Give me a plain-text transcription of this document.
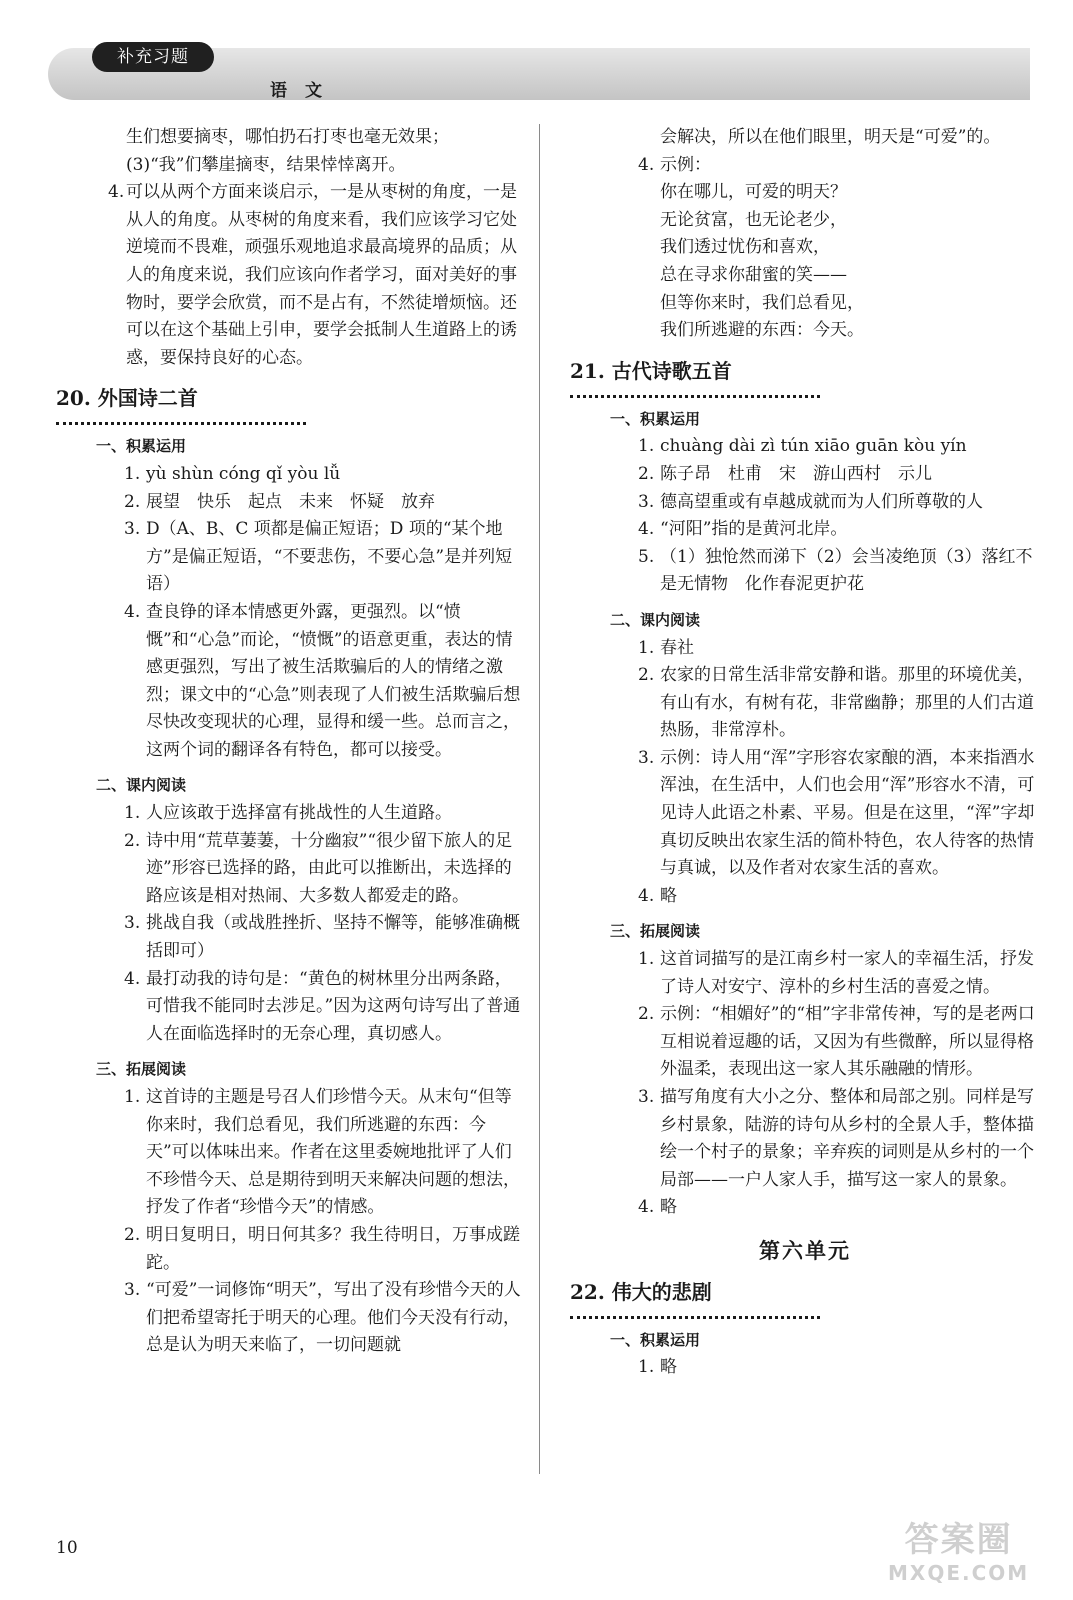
补充习题
语文
生们想要摘枣，哪怕扔石打枣也毫无效果；
(3)“我”们攀崖摘枣，结果悻悻离开。
4. 可以从两个方面来谈启示，一是从枣树的角度，一是从人的角度。从枣树的角度来看，我们应该学习它处逆境而不畏难，顽强乐观地追求最高境界的品质；从人的角度来说，我们应该向作者学习，面对美好的事物时，要学会欣赏，而不是占有，不然徒增烦恼。还可以在这个基础上引申，要学会抵制人生道路上的诱惑，要保持良好的心态。
20. 外国诗二首
一、积累运用
1. yù shùn cóng qǐ yòu lǚ
2. 展望　快乐　起点　未来　怀疑　放弃
3. D（A、B、C 项都是偏正短语；D 项的“某个地方”是偏正短语，“不要悲伤，不要心急”是并列短语）
4. 查良铮的译本情感更外露，更强烈。以“愤慨”和“心急”而论，“愤慨”的语意更重，表达的情感更强烈，写出了被生活欺骗后的人的情绪之激烈；课文中的“心急”则表现了人们被生活欺骗后想尽快改变现状的心理，显得和缓一些。总而言之，这两个词的翻译各有特色，都可以接受。
二、课内阅读
1. 人应该敢于选择富有挑战性的人生道路。
2. 诗中用“荒草萋萋，十分幽寂”“很少留下旅人的足迹”形容已选择的路，由此可以推断出，未选择的路应该是相对热闹、大多数人都爱走的路。
3. 挑战自我（或战胜挫折、坚持不懈等，能够准确概括即可）
4. 最打动我的诗句是：“黄色的树林里分出两条路，可惜我不能同时去涉足。”因为这两句诗写出了普通人在面临选择时的无奈心理，真切感人。
三、拓展阅读
1. 这首诗的主题是号召人们珍惜今天。从末句“但等你来时，我们总看见，我们所逃避的东西：今天”可以体味出来。作者在这里委婉地批评了人们不珍惜今天、总是期待到明天来解决问题的想法，抒发了作者“珍惜今天”的情感。
2. 明日复明日，明日何其多？我生待明日，万事成蹉跎。
3. “可爱”一词修饰“明天”，写出了没有珍惜今天的人们把希望寄托于明天的心理。他们今天没有行动，总是认为明天来临了，一切问题就
会解决，所以在他们眼里，明天是“可爱”的。
4. 示例：
你在哪儿，可爱的明天？
无论贫富，也无论老少，
我们透过忧伤和喜欢，
总在寻求你甜蜜的笑——
但等你来时，我们总看见，
我们所逃避的东西：今天。
21. 古代诗歌五首
一、积累运用
1. chuàng dài zì tún xiāo guān kòu yín
2. 陈子昂　杜甫　宋　游山西村　示儿
3. 德高望重或有卓越成就而为人们所尊敬的人
4. “河阳”指的是黄河北岸。
5. （1）独怆然而涕下（2）会当凌绝顶（3）落红不是无情物　化作春泥更护花
二、课内阅读
1. 春社
2. 农家的日常生活非常安静和谐。那里的环境优美，有山有水，有树有花，非常幽静；那里的人们古道热肠，非常淳朴。
3. 示例：诗人用“浑”字形容农家酿的酒，本来指酒水浑浊，在生活中，人们也会用“浑”形容水不清，可见诗人此语之朴素、平易。但是在这里，“浑”字却真切反映出农家生活的简朴特色，农人待客的热情与真诚，以及作者对农家生活的喜欢。
4. 略
三、拓展阅读
1. 这首词描写的是江南乡村一家人的幸福生活，抒发了诗人对安宁、淳朴的乡村生活的喜爱之情。
2. 示例：“相媚好”的“相”字非常传神，写的是老两口互相说着逗趣的话，又因为有些微醉，所以显得格外温柔，表现出这一家人其乐融融的情形。
3. 描写角度有大小之分、整体和局部之别。同样是写乡村景象，陆游的诗句从乡村的全景人手，整体描绘一个村子的景象；辛弃疾的词则是从乡村的一个局部——一户人家人手，描写这一家人的景象。
4. 略
第六单元
22. 伟大的悲剧
一、积累运用
1. 略
10	答案圈
MXQE.COM
